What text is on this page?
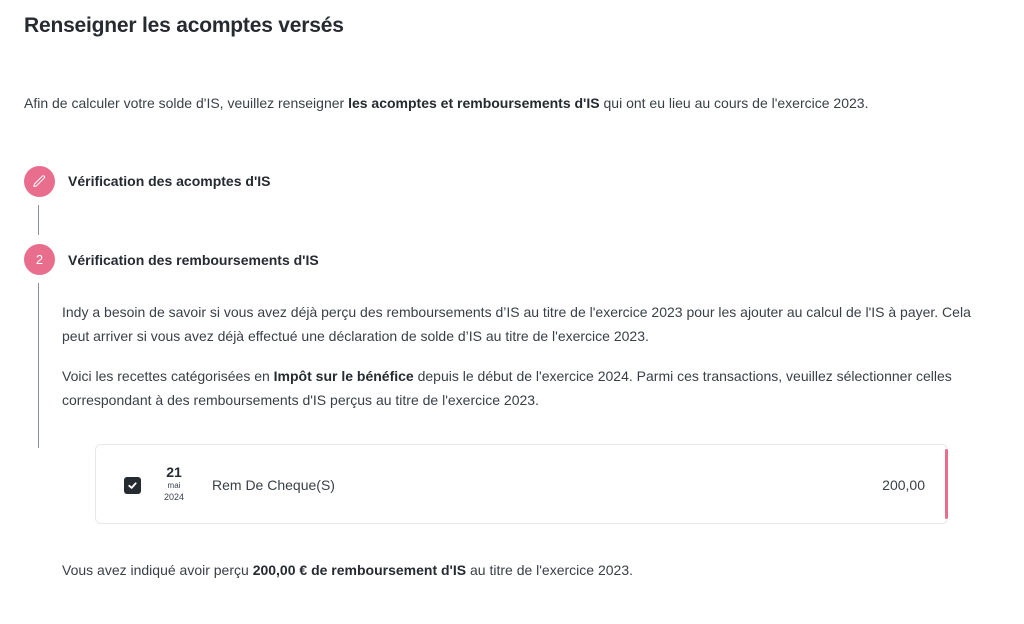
Renseigner les acomptes versés

Afin de calculer votre solde d'IS, veuillez renseigner les acomptes et remboursements d'IS qui ont eu lieu au cours de l'exercice 2023.

Vérification des acomptes d'IS
2	Vérification des remboursements d'IS

Indy a besoin de savoir si vous avez déjà perçu des remboursements d’IS au titre de l'exercice 2023 pour les ajouter au calcul de l'IS à payer. Cela peut arriver si vous avez déjà effectué une déclaration de solde d’IS au titre de l'exercice 2023.

Voici les recettes catégorisées en Impôt sur le bénéfice depuis le début de l'exercice 2024. Parmi ces transactions, veuillez sélectionner celles correspondant à des remboursements d'IS perçus au titre de l'exercice 2023.

21
mai
2024
Rem De Cheque(S)	200,00

Vous avez indiqué avoir perçu 200,00 € de remboursement d'IS au titre de l'exercice 2023.
